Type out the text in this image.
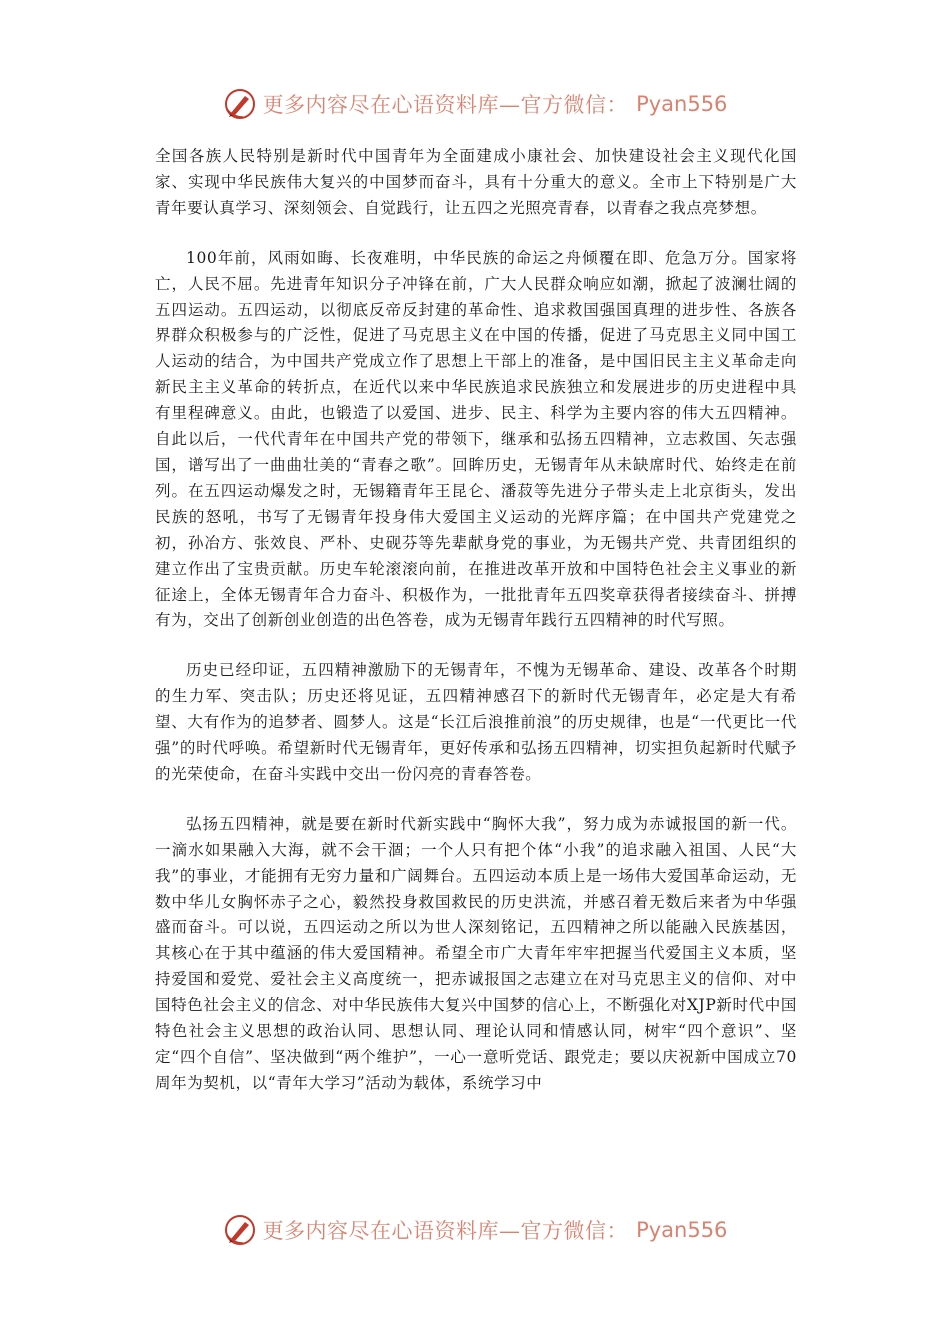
更多内容尽在心语资料库—官方微信： Pyan556

全国各族人民特别是新时代中国青年为全面建成小康社会、加快建设社会主义现代化国家、实现中华民族伟大复兴的中国梦而奋斗，具有十分重大的意义。全市上下特别是广大青年要认真学习、深刻领会、自觉践行，让五四之光照亮青春，以青春之我点亮梦想。

100年前，风雨如晦、长夜难明，中华民族的命运之舟倾覆在即、危急万分。国家将亡，人民不屈。先进青年知识分子冲锋在前，广大人民群众响应如潮，掀起了波澜壮阔的五四运动。五四运动，以彻底反帝反封建的革命性、追求救国强国真理的进步性、各族各界群众积极参与的广泛性，促进了马克思主义在中国的传播，促进了马克思主义同中国工人运动的结合，为中国共产党成立作了思想上干部上的准备，是中国旧民主主义革命走向新民主主义革命的转折点，在近代以来中华民族追求民族独立和发展进步的历史进程中具有里程碑意义。由此，也锻造了以爱国、进步、民主、科学为主要内容的伟大五四精神。自此以后，一代代青年在中国共产党的带领下，继承和弘扬五四精神，立志救国、矢志强国，谱写出了一曲曲壮美的“青春之歌”。回眸历史，无锡青年从未缺席时代、始终走在前列。在五四运动爆发之时，无锡籍青年王昆仑、潘菽等先进分子带头走上北京街头，发出民族的怒吼，书写了无锡青年投身伟大爱国主义运动的光辉序篇；在中国共产党建党之初，孙冶方、张效良、严朴、史砚芬等先辈献身党的事业，为无锡共产党、共青团组织的建立作出了宝贵贡献。历史车轮滚滚向前，在推进改革开放和中国特色社会主义事业的新征途上，全体无锡青年合力奋斗、积极作为，一批批青年五四奖章获得者接续奋斗、拼搏有为，交出了创新创业创造的出色答卷，成为无锡青年践行五四精神的时代写照。

历史已经印证，五四精神激励下的无锡青年，不愧为无锡革命、建设、改革各个时期的生力军、突击队；历史还将见证，五四精神感召下的新时代无锡青年，必定是大有希望、大有作为的追梦者、圆梦人。这是“长江后浪推前浪”的历史规律，也是“一代更比一代强”的时代呼唤。希望新时代无锡青年，更好传承和弘扬五四精神，切实担负起新时代赋予的光荣使命，在奋斗实践中交出一份闪亮的青春答卷。

弘扬五四精神，就是要在新时代新实践中“胸怀大我”，努力成为赤诚报国的新一代。一滴水如果融入大海，就不会干涸；一个人只有把个体“小我”的追求融入祖国、人民“大我”的事业，才能拥有无穷力量和广阔舞台。五四运动本质上是一场伟大爱国革命运动，无数中华儿女胸怀赤子之心，毅然投身救国救民的历史洪流，并感召着无数后来者为中华强盛而奋斗。可以说，五四运动之所以为世人深刻铭记，五四精神之所以能融入民族基因，其核心在于其中蕴涵的伟大爱国精神。希望全市广大青年牢牢把握当代爱国主义本质，坚持爱国和爱党、爱社会主义高度统一，把赤诚报国之志建立在对马克思主义的信仰、对中国特色社会主义的信念、对中华民族伟大复兴中国梦的信心上，不断强化对XJP新时代中国特色社会主义思想的政治认同、思想认同、理论认同和情感认同，树牢“四个意识”、坚定“四个自信”、坚决做到“两个维护”，一心一意听党话、跟党走；要以庆祝新中国成立70周年为契机，以“青年大学习”活动为载体，系统学习中

更多内容尽在心语资料库—官方微信： Pyan556
